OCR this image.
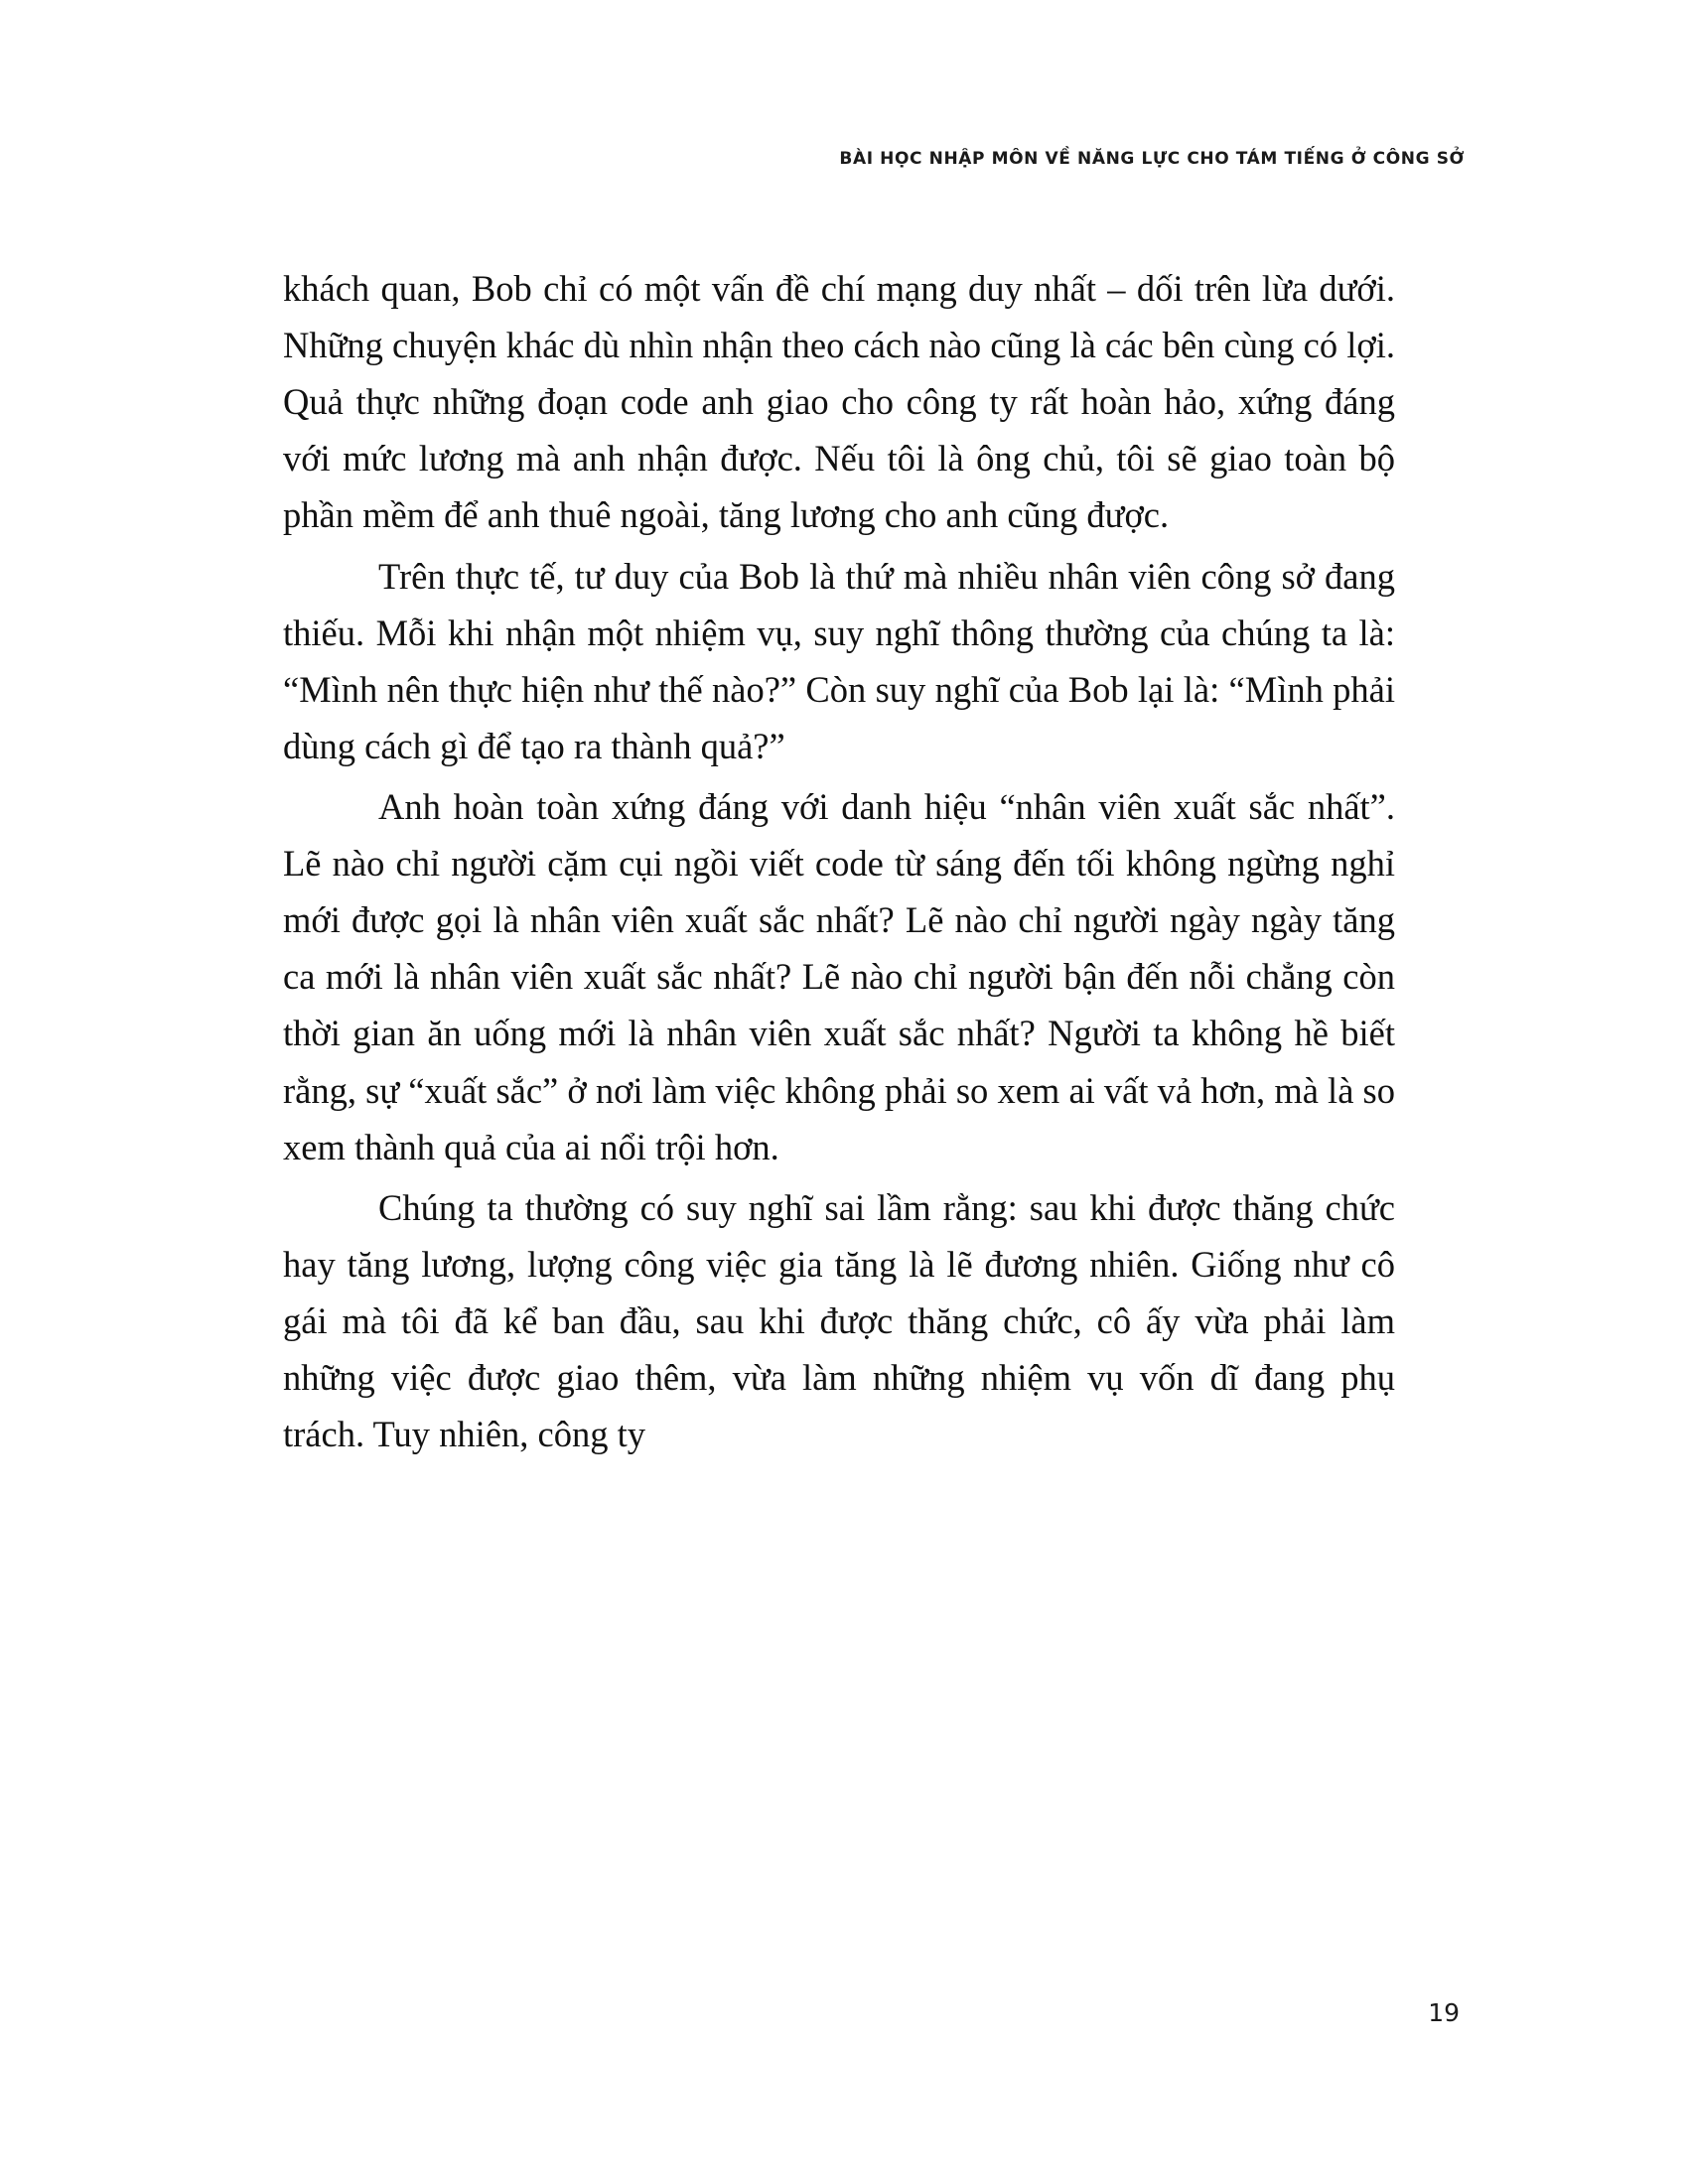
BÀI HỌC NHẬP MÔN VỀ NĂNG LỰC CHO TÁM TIẾNG Ở CÔNG SỞ

khách quan, Bob chỉ có một vấn đề chí mạng duy nhất – dối trên lừa dưới. Những chuyện khác dù nhìn nhận theo cách nào cũng là các bên cùng có lợi. Quả thực những đoạn code anh giao cho công ty rất hoàn hảo, xứng đáng với mức lương mà anh nhận được. Nếu tôi là ông chủ, tôi sẽ giao toàn bộ phần mềm để anh thuê ngoài, tăng lương cho anh cũng được.

Trên thực tế, tư duy của Bob là thứ mà nhiều nhân viên công sở đang thiếu. Mỗi khi nhận một nhiệm vụ, suy nghĩ thông thường của chúng ta là: “Mình nên thực hiện như thế nào?” Còn suy nghĩ của Bob lại là: “Mình phải dùng cách gì để tạo ra thành quả?”

Anh hoàn toàn xứng đáng với danh hiệu “nhân viên xuất sắc nhất”. Lẽ nào chỉ người cặm cụi ngồi viết code từ sáng đến tối không ngừng nghỉ mới được gọi là nhân viên xuất sắc nhất? Lẽ nào chỉ người ngày ngày tăng ca mới là nhân viên xuất sắc nhất? Lẽ nào chỉ người bận đến nỗi chẳng còn thời gian ăn uống mới là nhân viên xuất sắc nhất? Người ta không hề biết rằng, sự “xuất sắc” ở nơi làm việc không phải so xem ai vất vả hơn, mà là so xem thành quả của ai nổi trội hơn.

Chúng ta thường có suy nghĩ sai lầm rằng: sau khi được thăng chức hay tăng lương, lượng công việc gia tăng là lẽ đương nhiên. Giống như cô gái mà tôi đã kể ban đầu, sau khi được thăng chức, cô ấy vừa phải làm những việc được giao thêm, vừa làm những nhiệm vụ vốn dĩ đang phụ trách. Tuy nhiên, công ty

19
